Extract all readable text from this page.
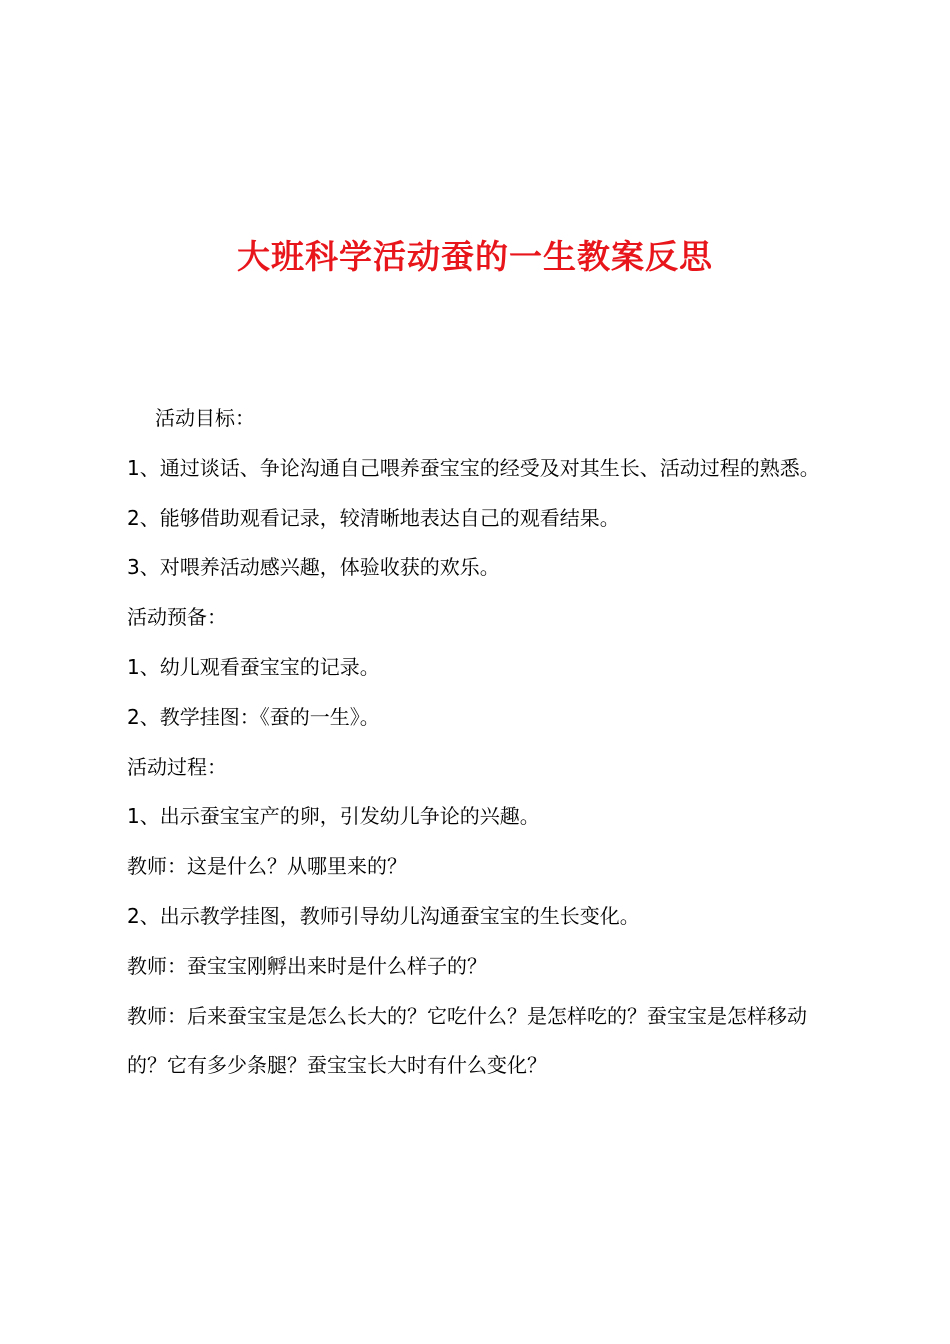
大班科学活动蚕的一生教案反思

活动目标：

1、通过谈话、争论沟通自己喂养蚕宝宝的经受及对其生长、活动过程的熟悉。

2、能够借助观看记录，较清晰地表达自己的观看结果。

3、对喂养活动感兴趣，体验收获的欢乐。

活动预备：

1、幼儿观看蚕宝宝的记录。

2、教学挂图：《蚕的一生》。

活动过程：

1、出示蚕宝宝产的卵，引发幼儿争论的兴趣。

教师：这是什么？从哪里来的？

2、出示教学挂图，教师引导幼儿沟通蚕宝宝的生长变化。

教师：蚕宝宝刚孵出来时是什么样子的？

教师：后来蚕宝宝是怎么长大的？它吃什么？是怎样吃的？蚕宝宝是怎样移动的？它有多少条腿？蚕宝宝长大时有什么变化？
